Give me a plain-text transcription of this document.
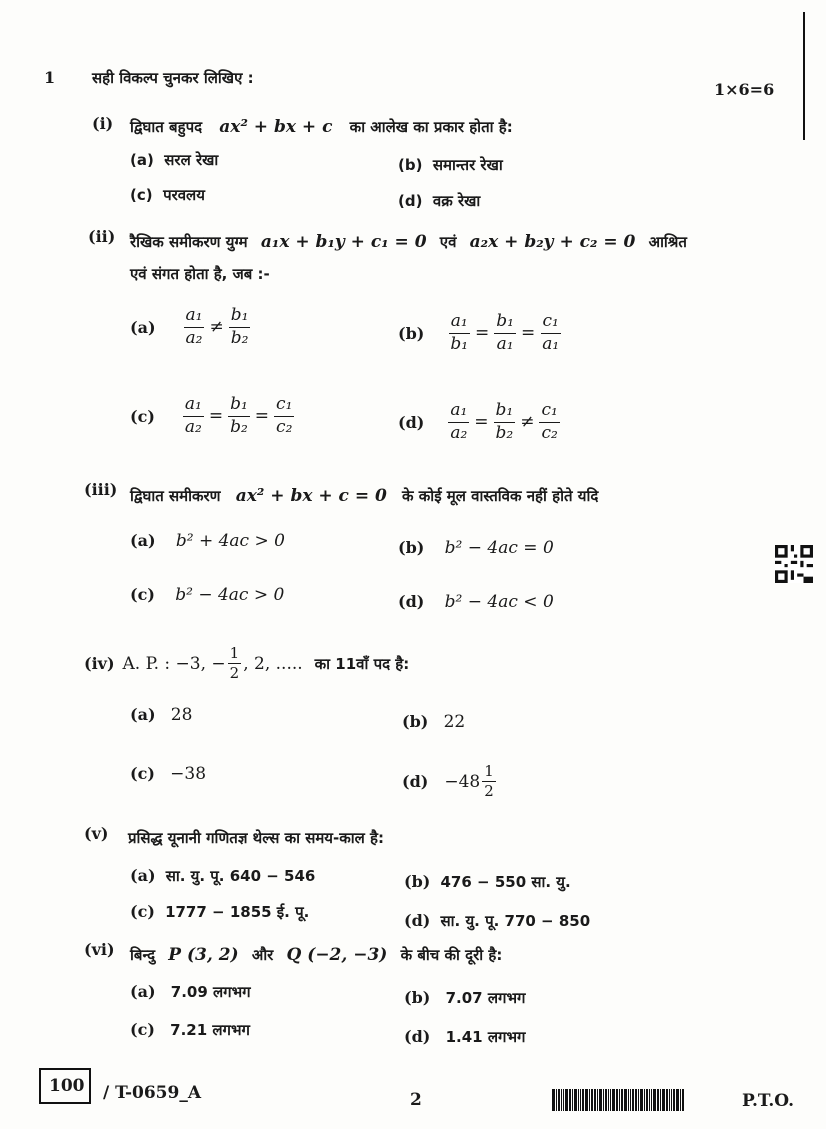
1 सही विकल्प चुनकर लिखिए :
1×6=6
(i) द्विघात बहुपद ax² + bx + c का आलेख का प्रकार होता है:
(a) सरल रेखा	(b) समान्तर रेखा
(c) परवलय	(d) वक्र रेखा
(ii) रैखिक समीकरण युग्म a₁x + b₁y + c₁ = 0 एवं a₂x + b₂y + c₂ = 0 आश्रित
एवं संगत होता है, जब :-
$(a) \frac{\text{a₁}}{\text{a₂}} \ne \frac{\text{b₁}}{\text{b₂}}$	$(b) \frac{\text{a₁}}{\text{b₁}} = \frac{\text{b₁}}{\text{a₁}} = \frac{\text{c₁}}{\text{a₁}}$
$(c) \frac{\text{a₁}}{\text{a₂}} = \frac{\text{b₁}}{\text{b₂}} = \frac{\text{c₁}}{\text{c₂}}$	$(d) \frac{\text{a₁}}{\text{a₂}} = \frac{\text{b₁}}{\text{b₂}} \ne \frac{\text{c₁}}{\text{c₂}}$
(iii) द्विघात समीकरण ax² + bx + c = 0 के कोई मूल वास्तविक नहीं होते यदि
(a) b² + 4ac > 0	(b) b² − 4ac = 0
(c) b² − 4ac > 0	(d) b² − 4ac < 0
(iv) A. P. : −3, − $\frac{1}{2}$ , 2, ..... का 11वाँ पद है:
(a) 28	(b) 22
(c) −38	$(d) -48 \frac{1}{2}$
(v) प्रसिद्ध यूनानी गणितज्ञ थेल्स का समय-काल है:
(a) सा. यु. पू. 640 − 546	(b) 476 − 550 सा. यु.
(c) 1777 − 1855 ई. पू.	(d) सा. यु. पू. 770 − 850
(vi) बिन्दु P (3, 2) और Q (−2, −3) के बीच की दूरी है:
(a) 7.09 लगभग	(b) 7.07 लगभग
(c) 7.21 लगभग	(d) 1.41 लगभग
100 / T-0659_A	2	P.T.O.
